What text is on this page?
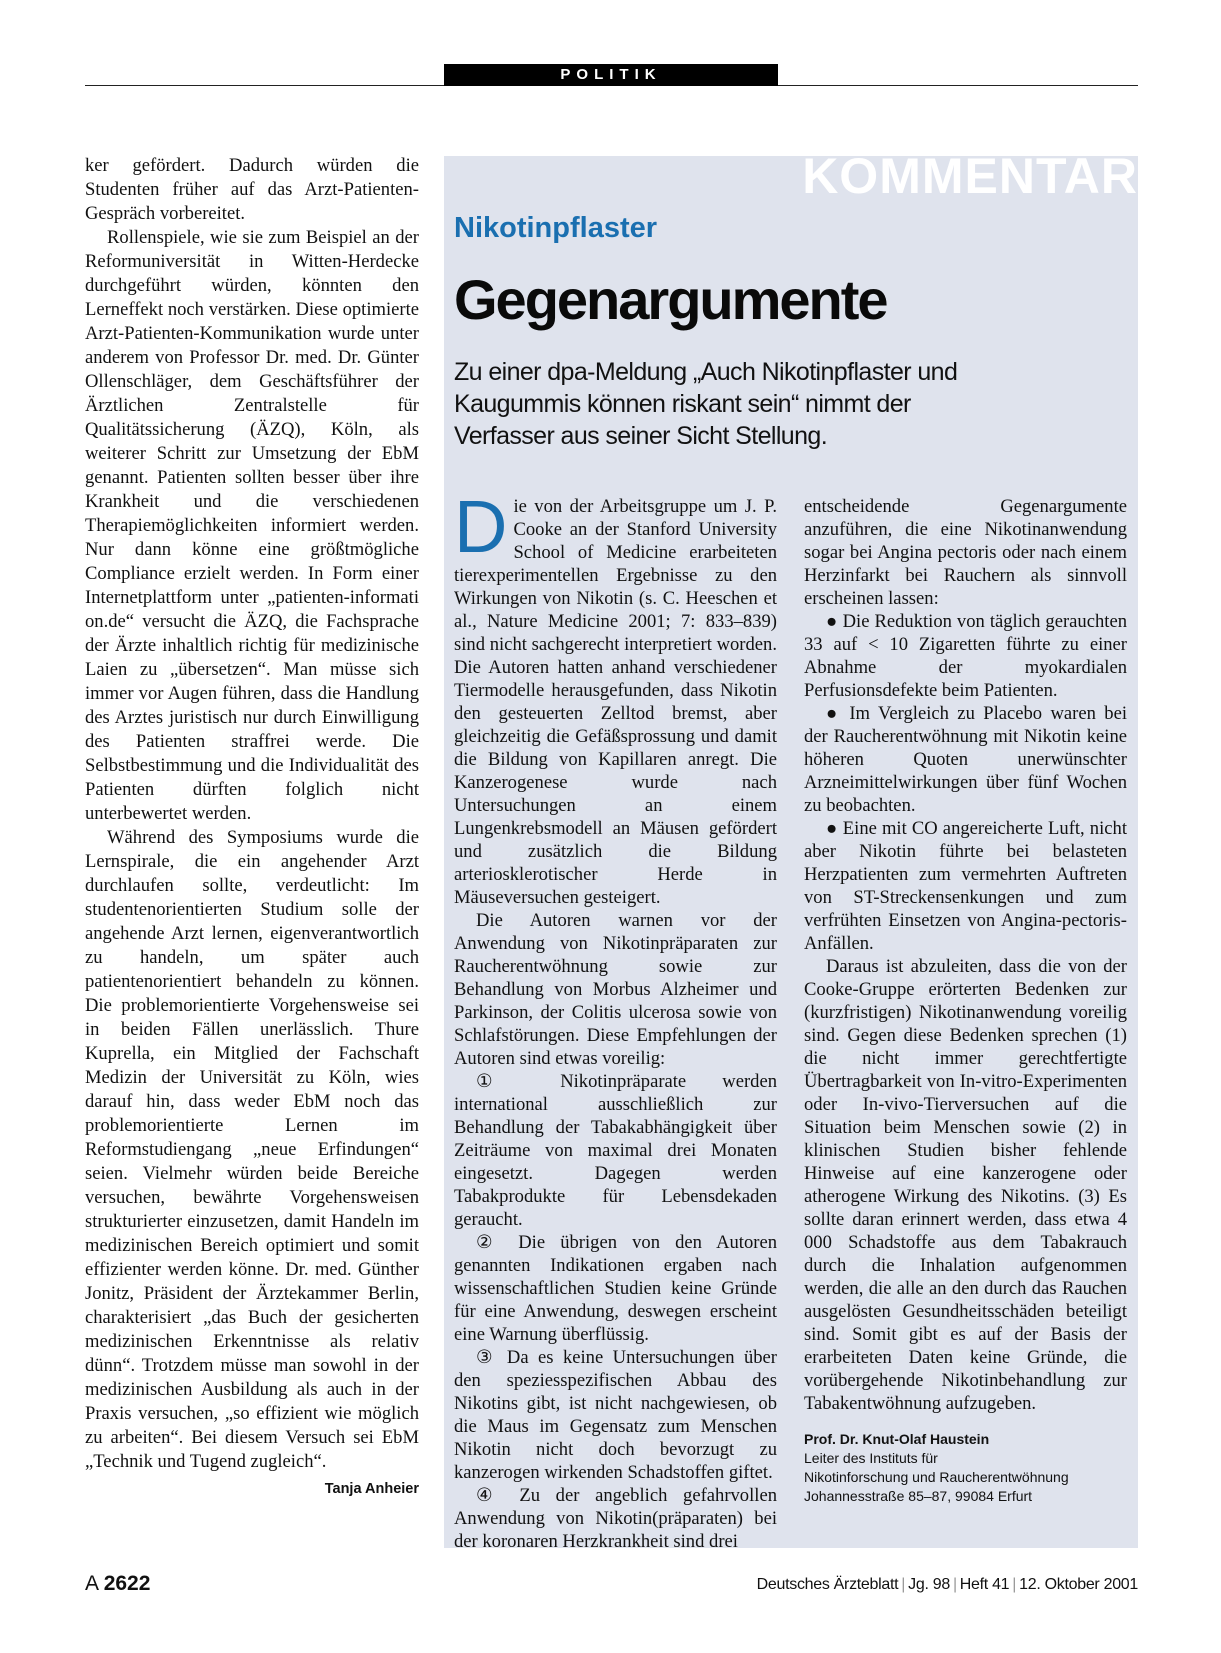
POLITIK

ker gefördert. Dadurch würden die Studenten früher auf das Arzt-Patienten-Gespräch vorbereitet.

Rollenspiele, wie sie zum Beispiel an der Reformuniversität in Witten-Herdecke durchgeführt würden, könnten den Lerneffekt noch verstärken. Diese optimierte Arzt-Patienten-Kommunikation wurde unter anderem von Professor Dr. med. Dr. Günter Ollenschläger, dem Geschäftsführer der Ärztlichen Zentralstelle für Qualitätssicherung (ÄZQ), Köln, als weiterer Schritt zur Umsetzung der EbM genannt. Patienten sollten besser über ihre Krankheit und die verschiedenen Therapiemöglichkeiten informiert werden. Nur dann könne eine größtmögliche Compliance erzielt werden. In Form einer Internetplattform unter „patienten-informati on.de“ versucht die ÄZQ, die Fachsprache der Ärzte inhaltlich richtig für medizinische Laien zu „übersetzen“. Man müsse sich immer vor Augen führen, dass die Handlung des Arztes juristisch nur durch Einwilligung des Patienten straffrei werde. Die Selbstbestimmung und die Individualität des Patienten dürften folglich nicht unterbewertet werden.

Während des Symposiums wurde die Lernspirale, die ein angehender Arzt durchlaufen sollte, verdeutlicht: Im studentenorientierten Studium solle der angehende Arzt lernen, eigenverantwortlich zu handeln, um später auch patientenorientiert behandeln zu können. Die problemorientierte Vorgehensweise sei in beiden Fällen unerlässlich. Thure Kuprella, ein Mitglied der Fachschaft Medizin der Universität zu Köln, wies darauf hin, dass weder EbM noch das problemorientierte Lernen im Reformstudiengang „neue Erfindungen“ seien. Vielmehr würden beide Bereiche versuchen, bewährte Vorgehensweisen strukturierter einzusetzen, damit Handeln im medizinischen Bereich optimiert und somit effizienter werden könne. Dr. med. Günther Jonitz, Präsident der Ärztekammer Berlin, charakterisiert „das Buch der gesicherten medizinischen Erkenntnisse als relativ dünn“. Trotzdem müsse man sowohl in der medizinischen Ausbildung als auch in der Praxis versuchen, „so effizient wie möglich zu arbeiten“. Bei diesem Versuch sei EbM „Technik und Tugend zugleich“.
Tanja Anheier

KOMMENTAR
Nikotinpflaster
Gegenargumente
Zu einer dpa-Meldung „Auch Nikotinpflaster und Kaugummis können riskant sein“ nimmt der Verfasser aus seiner Sicht Stellung.

Die von der Arbeitsgruppe um J. P. Cooke an der Stanford University School of Medicine erarbeiteten tierexperimentellen Ergebnisse zu den Wirkungen von Nikotin (s. C. Heeschen et al., Nature Medicine 2001; 7: 833–839) sind nicht sachgerecht interpretiert worden. Die Autoren hatten anhand verschiedener Tiermodelle herausgefunden, dass Nikotin den gesteuerten Zelltod bremst, aber gleichzeitig die Gefäßsprossung und damit die Bildung von Kapillaren anregt. Die Kanzerogenese wurde nach Untersuchungen an einem Lungenkrebsmodell an Mäusen gefördert und zusätzlich die Bildung arteriosklerotischer Herde in Mäuseversuchen gesteigert.

Die Autoren warnen vor der Anwendung von Nikotinpräparaten zur Raucherentwöhnung sowie zur Behandlung von Morbus Alzheimer und Parkinson, der Colitis ulcerosa sowie von Schlafstörungen. Diese Empfehlungen der Autoren sind etwas voreilig:

① Nikotinpräparate werden international ausschließlich zur Behandlung der Tabakabhängigkeit über Zeiträume von maximal drei Monaten eingesetzt. Dagegen werden Tabakprodukte für Lebensdekaden geraucht.

② Die übrigen von den Autoren genannten Indikationen ergaben nach wissenschaftlichen Studien keine Gründe für eine Anwendung, deswegen erscheint eine Warnung überflüssig.

③ Da es keine Untersuchungen über den speziesspezifischen Abbau des Nikotins gibt, ist nicht nachgewiesen, ob die Maus im Gegensatz zum Menschen Nikotin nicht doch bevorzugt zu kanzerogen wirkenden Schadstoffen giftet.

④ Zu der angeblich gefahrvollen Anwendung von Nikotin(präparaten) bei der koronaren Herzkrankheit sind drei

entscheidende Gegenargumente anzuführen, die eine Nikotinanwendung sogar bei Angina pectoris oder nach einem Herzinfarkt bei Rauchern als sinnvoll erscheinen lassen:

● Die Reduktion von täglich gerauchten 33 auf < 10 Zigaretten führte zu einer Abnahme der myokardialen Perfusionsdefekte beim Patienten.

● Im Vergleich zu Placebo waren bei der Raucherentwöhnung mit Nikotin keine höheren Quoten unerwünschter Arzneimittelwirkungen über fünf Wochen zu beobachten.

● Eine mit CO angereicherte Luft, nicht aber Nikotin führte bei belasteten Herzpatienten zum vermehrten Auftreten von ST-Streckensenkungen und zum verfrühten Einsetzen von Angina-pectoris-Anfällen.

Daraus ist abzuleiten, dass die von der Cooke-Gruppe erörterten Bedenken zur (kurzfristigen) Nikotinanwendung voreilig sind. Gegen diese Bedenken sprechen (1) die nicht immer gerechtfertigte Übertragbarkeit von In-vitro-Experimenten oder In-vivo-Tierversuchen auf die Situation beim Menschen sowie (2) in klinischen Studien bisher fehlende Hinweise auf eine kanzerogene oder atherogene Wirkung des Nikotins. (3) Es sollte daran erinnert werden, dass etwa 4 000 Schadstoffe aus dem Tabakrauch durch die Inhalation aufgenommen werden, die alle an den durch das Rauchen ausgelösten Gesundheitsschäden beteiligt sind. Somit gibt es auf der Basis der erarbeiteten Daten keine Gründe, die vorübergehende Nikotinbehandlung zur Tabakentwöhnung aufzugeben.

Prof. Dr. Knut-Olaf Haustein
Leiter des Instituts für
Nikotinforschung und Raucherentwöhnung
Johannesstraße 85–87, 99084 Erfurt
A 2622	Deutsches Ärzteblatt | Jg. 98 | Heft 41 | 12. Oktober 2001
